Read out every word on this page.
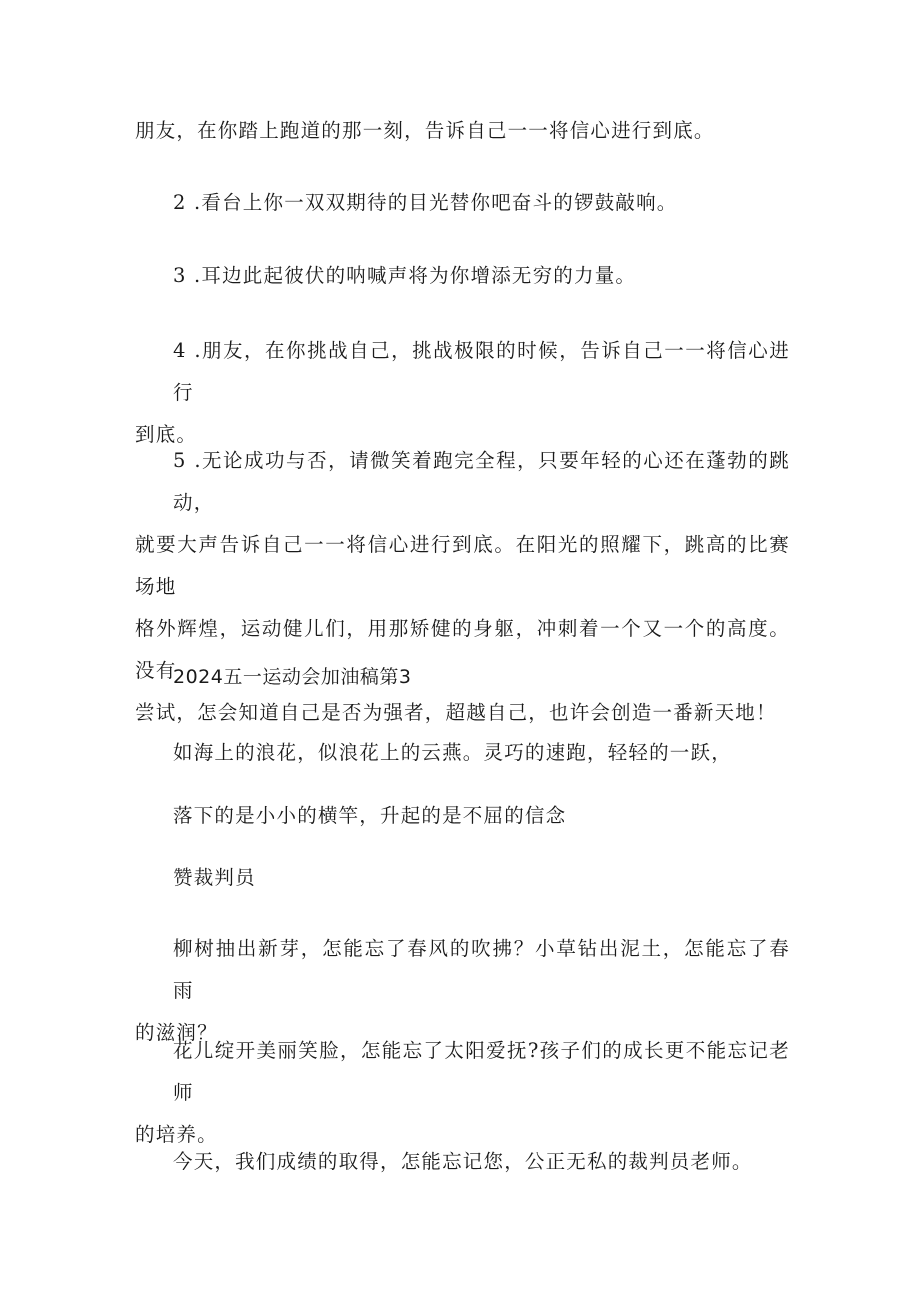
朋友，在你踏上跑道的那一刻，告诉自己一一将信心进行到底。

2 .看台上你一双双期待的目光替你吧奋斗的锣鼓敲响。

3 .耳边此起彼伏的呐喊声将为你增添无穷的力量。

4 .朋友，在你挑战自己，挑战极限的时候，告诉自己一一将信心进行
到底。

5 .无论成功与否，请微笑着跑完全程，只要年轻的心还在蓬勃的跳动，
就要大声告诉自己一一将信心进行到底。在阳光的照耀下，跳高的比赛场地
格外辉煌，运动健儿们，用那矫健的身躯，冲刺着一个又一个的高度。没有
尝试，怎会知道自己是否为强者，超越自己，也许会创造一番新天地！

2024五一运动会加油稿第3

如海上的浪花，似浪花上的云燕。灵巧的速跑，轻轻的一跃，

落下的是小小的横竿，升起的是不屈的信念

赞裁判员

柳树抽出新芽，怎能忘了春风的吹拂？小草钻出泥土，怎能忘了春雨
的滋润？

花儿绽开美丽笑脸，怎能忘了太阳爱抚?孩子们的成长更不能忘记老师
的培养。

今天，我们成绩的取得，怎能忘记您，公正无私的裁判员老师。
